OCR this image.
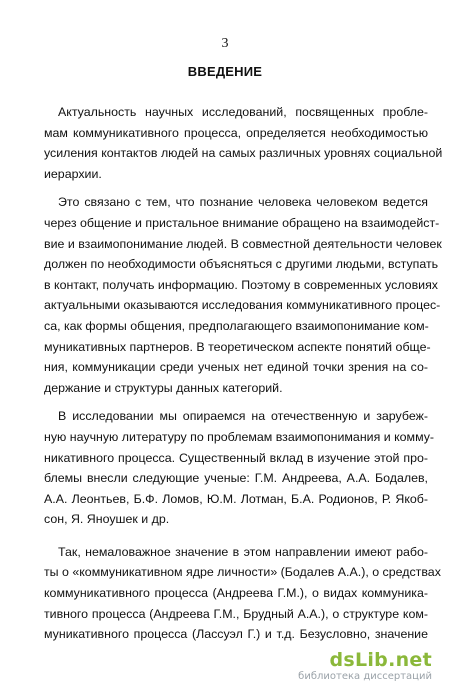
3
ВВЕДЕНИЕ
Актуальность научных исследований, посвященных пробле-
мам коммуникативного процесса, определяется необходимостью
усиления контактов людей на самых различных уровнях социальной
иерархии.
Это связано с тем, что познание человека человеком ведется
через общение и пристальное внимание обращено на взаимодейст-
вие и взаимопонимание людей. В совместной деятельности человек
должен по необходимости объясняться с другими людьми, вступать
в контакт, получать информацию. Поэтому в современных условиях
актуальными оказываются исследования коммуникативного процес-
са, как формы общения, предполагающего взаимопонимание ком-
муникативных партнеров. В теоретическом аспекте понятий обще-
ния, коммуникации среди ученых нет единой точки зрения на со-
держание и структуры данных категорий.
В исследовании мы опираемся на отечественную и зарубеж-
ную научную литературу по проблемам взаимопонимания и комму-
никативного процесса. Существенный вклад в изучение этой про-
блемы внесли следующие ученые: Г.М. Андреева, А.А. Бодалев,
А.А. Леонтьев, Б.Ф. Ломов, Ю.М. Лотман, Б.А. Родионов, Р. Якоб-
сон, Я. Яноушек и др.
Так, немаловажное значение в этом направлении имеют рабо-
ты о «коммуникативном ядре личности» (Бодалев А.А.), о средствах
коммуникативного процесса (Андреева Г.М.), о видах коммуника-
тивного процесса (Андреева Г.М., Брудный А.А.), о структуре ком-
муникативного процесса (Лассуэл Г.) и т.д. Безусловно, значение
dsLib.net
библиотека диссертаций
